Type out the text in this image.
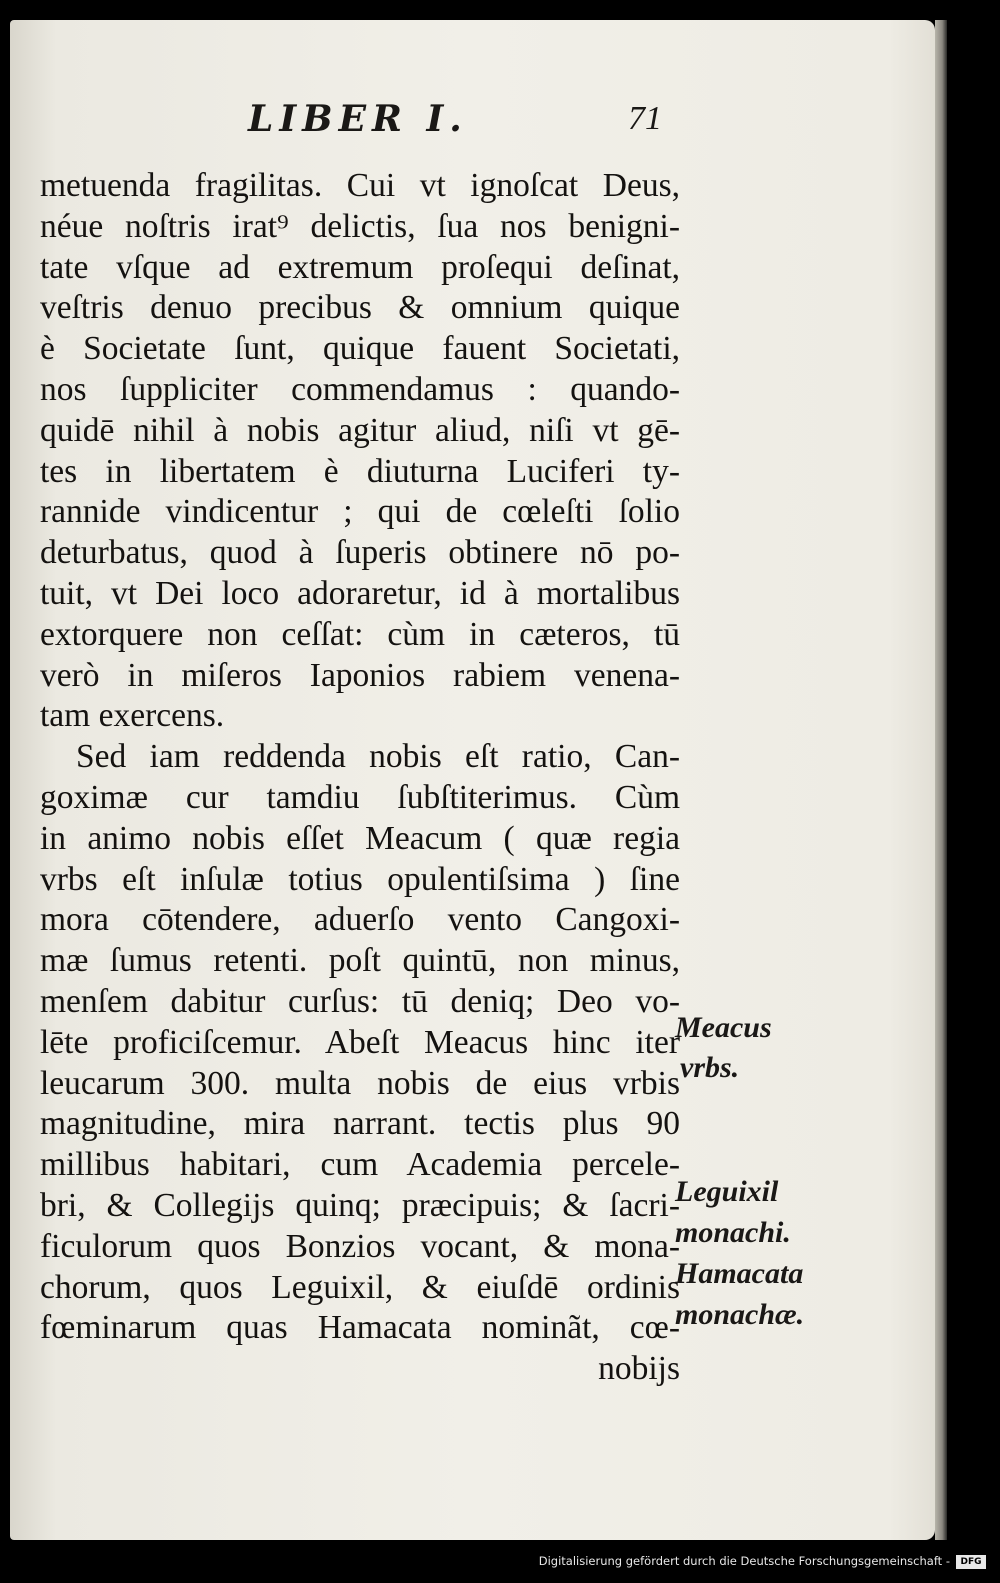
LIBER I.	71
metuenda fragilitas. Cui vt ignoſcat Deus,
néue noſtris irat⁹ delictis, ſua nos benigni-
tate vſque ad extremum proſequi deſinat,
veſtris denuo precibus & omnium quique
è Societate ſunt, quique fauent Societati,
nos ſuppliciter commendamus : quando-
quidē nihil à nobis agitur aliud, niſi vt gē-
tes in libertatem è diuturna Luciferi ty-
rannide vindicentur ; qui de cœleſti ſolio
deturbatus, quod à ſuperis obtinere nō po-
tuit, vt Dei loco adoraretur, id à mortalibus
extorquere non ceſſat: cùm in cæteros, tū
verò in miſeros Iaponios rabiem venena-
tam exercens.
Sed iam reddenda nobis eſt ratio, Can-
goximæ cur tamdiu ſubſtiterimus. Cùm
in animo nobis eſſet Meacum ( quæ regia
vrbs eſt inſulæ totius opulentiſsima ) ſine
mora cōtendere, aduerſo vento Cangoxi-
mæ ſumus retenti. poſt quintū, non minus,
menſem dabitur curſus: tū deniq; Deo vo-
lēte proficiſcemur. Abeſt Meacus hinc iter
leucarum 300. multa nobis de eius vrbis
magnitudine, mira narrant. tectis plus 90
millibus habitari, cum Academia percele-
bri, & Collegijs quinq; præcipuis; & ſacri-
ficulorum quos Bonzios vocant, & mona-
chorum, quos Leguixil, & eiuſdē ordinis
fœminarum quas Hamacata nominãt, cœ-
nobijs
Meacus
vrbs.
Leguixil
monachi.
Hamacata
monachæ.
Digitalisierung gefördert durch die Deutsche Forschungsgemeinschaft -	DFG
